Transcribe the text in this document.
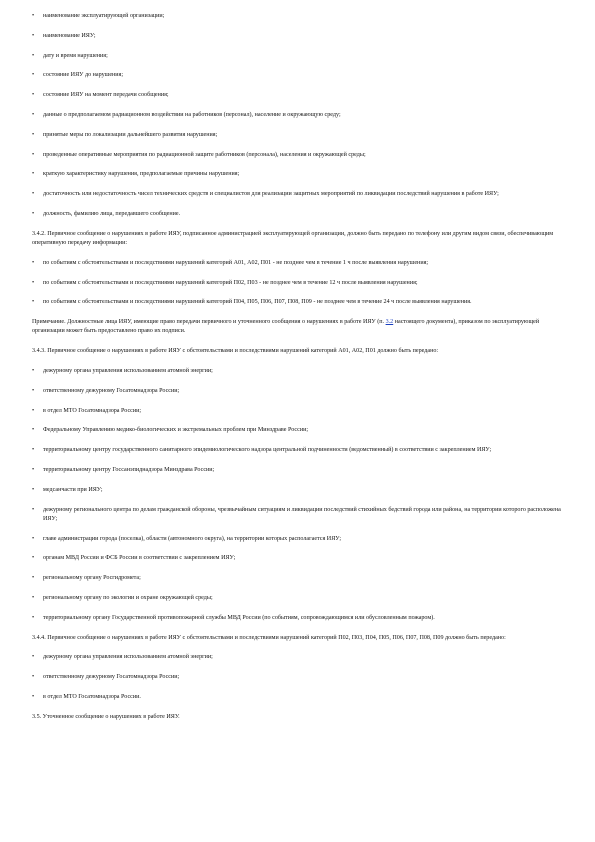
•	наименование эксплуатирующей организации;
•	наименование ИЯУ;
•	дату и время нарушения;
•	состояние ИЯУ до нарушения;
•	состояние ИЯУ на момент передачи сообщения;
•	данные о предполагаемом радиационном воздействии на работников (персонал), население и окружающую среду;
•	принятые меры по локализации дальнейшего развития нарушения;
•	проведенные оперативные мероприятия по радиационной защите работников (персонала), населения и окружающей среды;
•	краткую характеристику нарушения, предполагаемые причины нарушения;
•	достаточность или недостаточность чисел технических средств и специалистов для реализации защитных мероприятий по ликвидации последствий нарушения в работе ИЯУ;
•	должность, фамилию лица, передавшего сообщение.
3.4.2. Первичное сообщение о нарушениях в работе ИЯУ, подписанное администрацией эксплуатирующей организации, должно быть передано по телефону или другим видом связи, обеспечивающим оперативную передачу информации:
•	по событиям с обстоятельствами и последствиями нарушений категорий А01, А02, П01 - не позднее чем в течение 1 ч после выявления нарушения;
•	по событиям с обстоятельствами и последствиями нарушений категорий П02, П03 - не позднее чем в течение 12 ч после выявления нарушения;
•	по событиям с обстоятельствами и последствиями нарушений категорий П04, П05, П06, П07, П08, П09 - не позднее чем в течение 24 ч после выявления нарушения.
Примечание. Должностные лица ИЯУ, имеющие право передачи первичного и уточненного сообщения о нарушениях в работе ИЯУ (п. 3.2 настоящего документа), приказом по эксплуатирующей организации может быть предоставлено право их подписи.
3.4.3. Первичное сообщение о нарушениях в работе ИЯУ с обстоятельствами и последствиями нарушений категорий А01, А02, П01 должно быть передано:
•	дежурному органа управления использованием атомной энергии;
•	ответственному дежурному Госатомнадзора России;
•	в отдел МТО Госатомнадзора России;
•	Федеральному Управлению медико-биологических и экстремальных проблем при Минздраве России;
•	территориальному центру государственного санитарного эпидемиологического надзора центральной подчиненности (ведомственный) в соответствии с закреплением ИЯУ;
•	территориальному центру Госсанэпиднадзора Минздрава России;
•	медсанчасти при ИЯУ;
•	дежурному регионального центра по делам гражданской обороны, чрезвычайным ситуациям и ликвидации последствий стихийных бедствий города или района, на территории которого расположена ИЯУ;
•	главе администрации города (поселка), области (автономного округа), на территории которых располагается ИЯУ;
•	органам МВД России и ФСБ России в соответствии с закреплением ИЯУ;
•	региональному органу Росгидромета;
•	региональному органу по экологии и охране окружающей среды;
•	территориальному органу Государственной противопожарной службы МВД России (по событиям, сопровождающимся или обусловленным пожаром).
3.4.4. Первичное сообщение о нарушениях в работе ИЯУ с обстоятельствами и последствиями нарушений категорий П02, П03, П04, П05, П06, П07, П08, П09 должно быть передано:
•	дежурному органа управления использованием атомной энергии;
•	ответственному дежурному Госатомнадзора России;
•	в отдел МТО Госатомнадзора России.
3.5. Уточненное сообщение о нарушениях в работе ИЯУ.
